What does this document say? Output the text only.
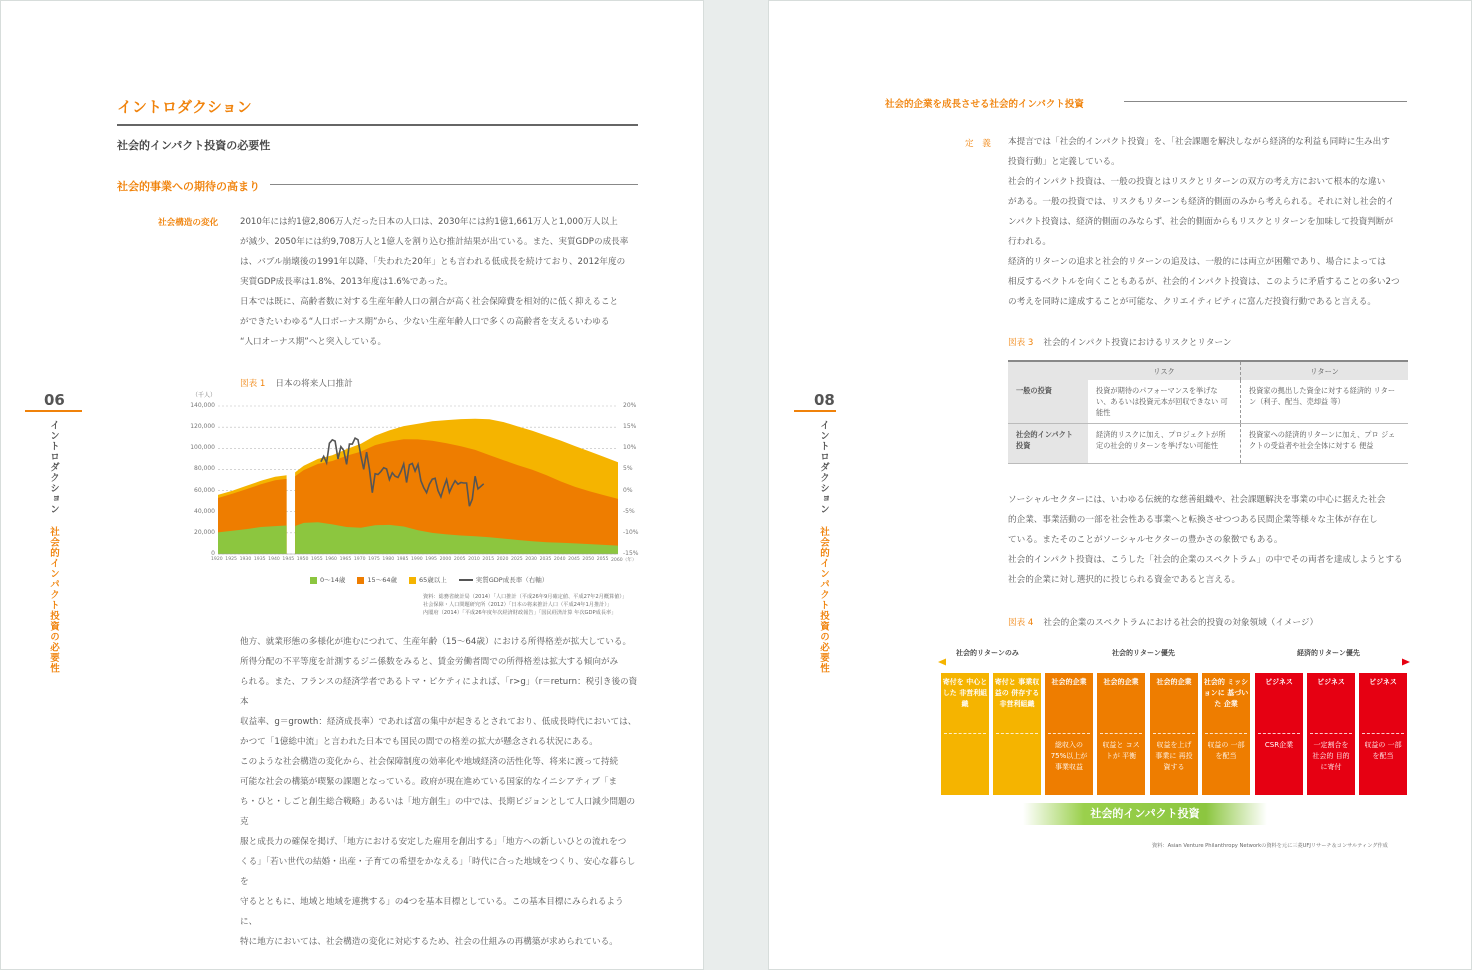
イントロダクション
社会的インパクト投資の必要性
社会的事業への期待の高まり
社会構造の変化	2010年には約1億2,806万人だった日本の人口は、2030年には約1億1,661万人と1,000万人以上

が減少、2050年には約9,708万人と1億人を割り込む推計結果が出ている。また、実質GDPの成長率

は、バブル崩壊後の1991年以降、「失われた20年」とも言われる低成長を続けており、2012年度の

実質GDP成長率は1.8%、2013年度は1.6%であった。

日本では既に、高齢者数に対する生産年齢人口の割合が高く社会保障費を相対的に低く抑えること

ができたいわゆる“人口ボーナス期”から、少ない生産年齢人口で多くの高齢者を支えるいわゆる

“人口オーナス期”へと突入している。

図表 1 日本の将来人口推計
（千人）
140,000
120,000
100,000
80,000
60,000
40,000
20,000
0
20%
15%
10%
5%
0%
-5%
-10%
-15%
1920 1925 1930 1935 1940 1945 1950 1955 1960 1965 1970 1975 1980 1985 1990 1995 2000 2005 2010 2015 2020 2025 2030 2035 2040 2045 2050 2055 2060（年）
0〜14歳	15〜64歳	65歳以上	実質GDP成長率（右軸）
資料：総務省統計局（2014）「人口推計（平成26年9月確定値、平成27年2月概算値）」
社会保障・人口問題研究所（2012）「日本の将来推計人口（平成24年1月推計）」
内閣府（2014）「平成26年度年次経済財政報告」「国民経済計算 年次GDP成長率」

他方、就業形態の多様化が進むにつれて、生産年齢（15〜64歳）における所得格差が拡大している。

所得分配の不平等度を計測するジニ係数をみると、賃金労働者間での所得格差は拡大する傾向がみ

られる。また、フランスの経済学者であるトマ・ピケティによれば、「r>g」（r＝return：税引き後の資本

収益率、g＝growth：経済成長率）であれば富の集中が起きるとされており、低成長時代においては、

かつて「1億総中流」と言われた日本でも国民の間での格差の拡大が懸念される状況にある。

このような社会構造の変化から、社会保障制度の効率化や地域経済の活性化等、将来に渡って持続

可能な社会の構築が喫緊の課題となっている。政府が現在進めている国家的なイニシアティブ「ま

ち・ひと・しごと創生総合戦略」あるいは「地方創生」の中では、長期ビジョンとして人口減少問題の克

服と成長力の確保を掲げ、「地方における安定した雇用を創出する」「地方への新しいひとの流れをつ

くる」「若い世代の結婚・出産・子育ての希望をかなえる」「時代に合った地域をつくり、安心な暮らしを

守るとともに、地域と地域を連携する」の4つを基本目標としている。この基本目標にみられるように、

特に地方においては、社会構造の変化に対応するため、社会の仕組みの再構築が求められている。

06
イントロダクション社会的インパクト投資の必要性
社会的企業を成長させる社会的インパクト投資
定　義 本提言では「社会的インパクト投資」を、「社会課題を解決しながら経済的な利益も同時に生み出す

投資行動」と定義している。

社会的インパクト投資は、一般の投資とはリスクとリターンの双方の考え方において根本的な違い

がある。一般の投資では、リスクもリターンも経済的側面のみから考えられる。それに対し社会的イ

ンパクト投資は、経済的側面のみならず、社会的側面からもリスクとリターンを加味して投資判断が

行われる。

経済的リターンの追求と社会的リターンの追及は、一般的には両立が困難であり、場合によっては

相反するベクトルを向くこともあるが、社会的インパクト投資は、このように矛盾することの多い2つ

の考えを同時に達成することが可能な、クリエイティビティに富んだ投資行動であると言える。

図表 3 社会的インパクト投資におけるリスクとリターン
	リスク	リターン
一般の投資	投資が期待のパフォーマンスを挙げな い、あるいは投資元本が回収できない 可能性	投資家の拠出した資金に対する経済的 リターン（利子、配当、売却益 等）
社会的インパクト 投資	経済的リスクに加え、プロジェクトが所 定の社会的リターンを挙げない可能性	投資家への経済的リターンに加え、プロ ジェクトの受益者や社会全体に対する 便益

ソーシャルセクターには、いわゆる伝統的な慈善組織や、社会課題解決を事業の中心に据えた社会

的企業、事業活動の一部を社会性ある事業へと転換させつつある民間企業等様々な主体が存在し

ている。またそのことがソーシャルセクターの豊かさの象徴でもある。

社会的インパクト投資は、こうした「社会的企業のスペクトラム」の中でその両者を達成しようとする

社会的企業に対し選択的に投じられる資金であると言える。

図表 4 社会的企業のスペクトラムにおける社会的投資の対象領域（イメージ）
社会的リターンのみ	社会的リターン優先	経済的リターン優先
寄付を 中心とした 非営利組織
寄付と 事業収益の 併存する 非営利組織
社会的企業
総収入の 75%以上が 事業収益
社会的企業
収益と コストが 平衡
社会的企業
収益を上げ 事業に 再投資する
社会的 ミッションに 基づいた 企業
収益の 一部を配当
ビジネス
CSR企業
ビジネス
一定割合を 社会的 目的に寄付
ビジネス
収益の 一部を配当
社会的インパクト投資
資料：Asian Venture Philanthropy Networkの資料を元に三菱UFJリサーチ＆コンサルティング作成
08
イントロダクション社会的インパクト投資の必要性
